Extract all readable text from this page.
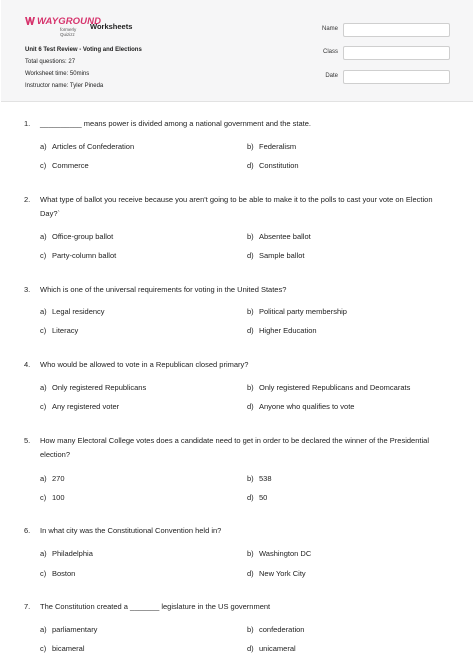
WAYGROUND
formerly Quizizz
Worksheets
Unit 6 Test Review - Voting and Elections
Total questions: 27
Worksheet time: 50mins
Instructor name: Tyler Pineda
Name
Class
Date
1. __________ means power is divided among a national government and the state.
a) Articles of Confederation	b) Federalism
c) Commerce	d) Constitution
2. What type of ballot you receive because you aren't going to be able to make it to the polls to cast your vote on Election Day?`
a) Office-group ballot	b) Absentee ballot
c) Party-column ballot	d) Sample ballot
3. Which is one of the universal requirements for voting in the United States?
a) Legal residency	b) Political party membership
c) Literacy	d) Higher Education
4. Who would be allowed to vote in a Republican closed primary?
a) Only registered Republicans	b) Only registered Republicans and Deomcarats
c) Any registered voter	d) Anyone who qualifies to vote
5. How many Electoral College votes does a candidate need to get in order to be declared the winner of the Presidential election?
a) 270	b) 538
c) 100	d) 50
6. In what city was the Constitutional Convention held in?
a) Philadelphia	b) Washington DC
c) Boston	d) New York City
7. The Constitution created a _______ legislature in the US government
a) parliamentary	b) confederation
c) bicameral	d) unicameral
